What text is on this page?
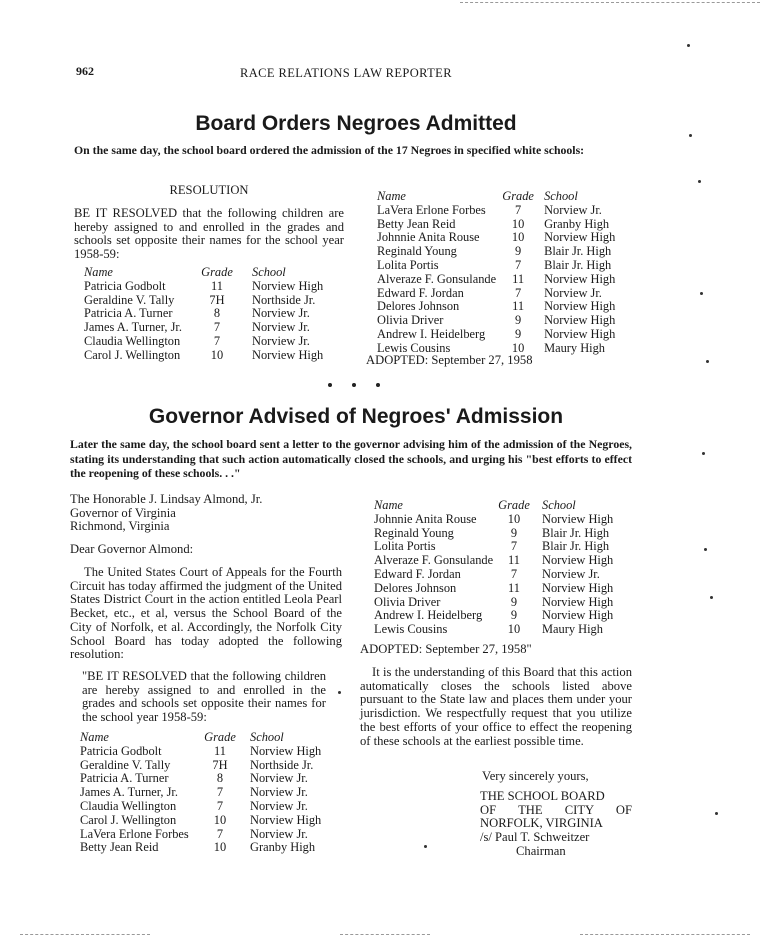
962	RACE RELATIONS LAW REPORTER
Board Orders Negroes Admitted
On the same day, the school board ordered the admission of the 17 Negroes in specified white schools:
RESOLUTION
BE IT RESOLVED that the following children are hereby assigned to and enrolled in the grades and schools set opposite their names for the school year 1958-59:
Name	Grade	School
Patricia Godbolt	11	Norview High
Geraldine V. Tally	7H	Northside Jr.
Patricia A. Turner	8	Norview Jr.
James A. Turner, Jr.	7	Norview Jr.
Claudia Wellington	7	Norview Jr.
Carol J. Wellington	10	Norview High
Name	Grade	School
LaVera Erlone Forbes	7	Norview Jr.
Betty Jean Reid	10	Granby High
Johnnie Anita Rouse	10	Norview High
Reginald Young	9	Blair Jr. High
Lolita Portis	7	Blair Jr. High
Alveraze F. Gonsulande	11	Norview High
Edward F. Jordan	7	Norview Jr.
Delores Johnson	11	Norview High
Olivia Driver	9	Norview High
Andrew I. Heidelberg	9	Norview High
Lewis Cousins	10	Maury High
ADOPTED: September 27, 1958
Governor Advised of Negroes' Admission
Later the same day, the school board sent a letter to the governor advising him of the admission of the Negroes, stating its understanding that such action automatically closed the schools, and urging his "best efforts to effect the reopening of these schools. . ."
The Honorable J. Lindsay Almond, Jr.
Governor of Virginia
Richmond, Virginia
Dear Governor Almond:
The United States Court of Appeals for the Fourth Circuit has today affirmed the judgment of the United States District Court in the action entitled Leola Pearl Becket, etc., et al, versus the School Board of the City of Norfolk, et al. Accordingly, the Norfolk City School Board has today adopted the following resolution:
"BE IT RESOLVED that the following children are hereby assigned to and enrolled in the grades and schools set opposite their names for the school year 1958-59:
Name	Grade	School
Patricia Godbolt	11	Norview High
Geraldine V. Tally	7H	Northside Jr.
Patricia A. Turner	8	Norview Jr.
James A. Turner, Jr.	7	Norview Jr.
Claudia Wellington	7	Norview Jr.
Carol J. Wellington	10	Norview High
LaVera Erlone Forbes	7	Norview Jr.
Betty Jean Reid	10	Granby High
Name	Grade	School
Johnnie Anita Rouse	10	Norview High
Reginald Young	9	Blair Jr. High
Lolita Portis	7	Blair Jr. High
Alveraze F. Gonsulande	11	Norview High
Edward F. Jordan	7	Norview Jr.
Delores Johnson	11	Norview High
Olivia Driver	9	Norview High
Andrew I. Heidelberg	9	Norview High
Lewis Cousins	10	Maury High
ADOPTED: September 27, 1958"
It is the understanding of this Board that this action automatically closes the schools listed above pursuant to the State law and places them under your jurisdiction. We respectfully request that you utilize the best efforts of your office to effect the reopening of these schools at the earliest possible time.
Very sincerely yours,
THE SCHOOL BOARD
OF THE CITY OF
NORFOLK, VIRGINIA
/s/ Paul T. Schweitzer
Chairman
